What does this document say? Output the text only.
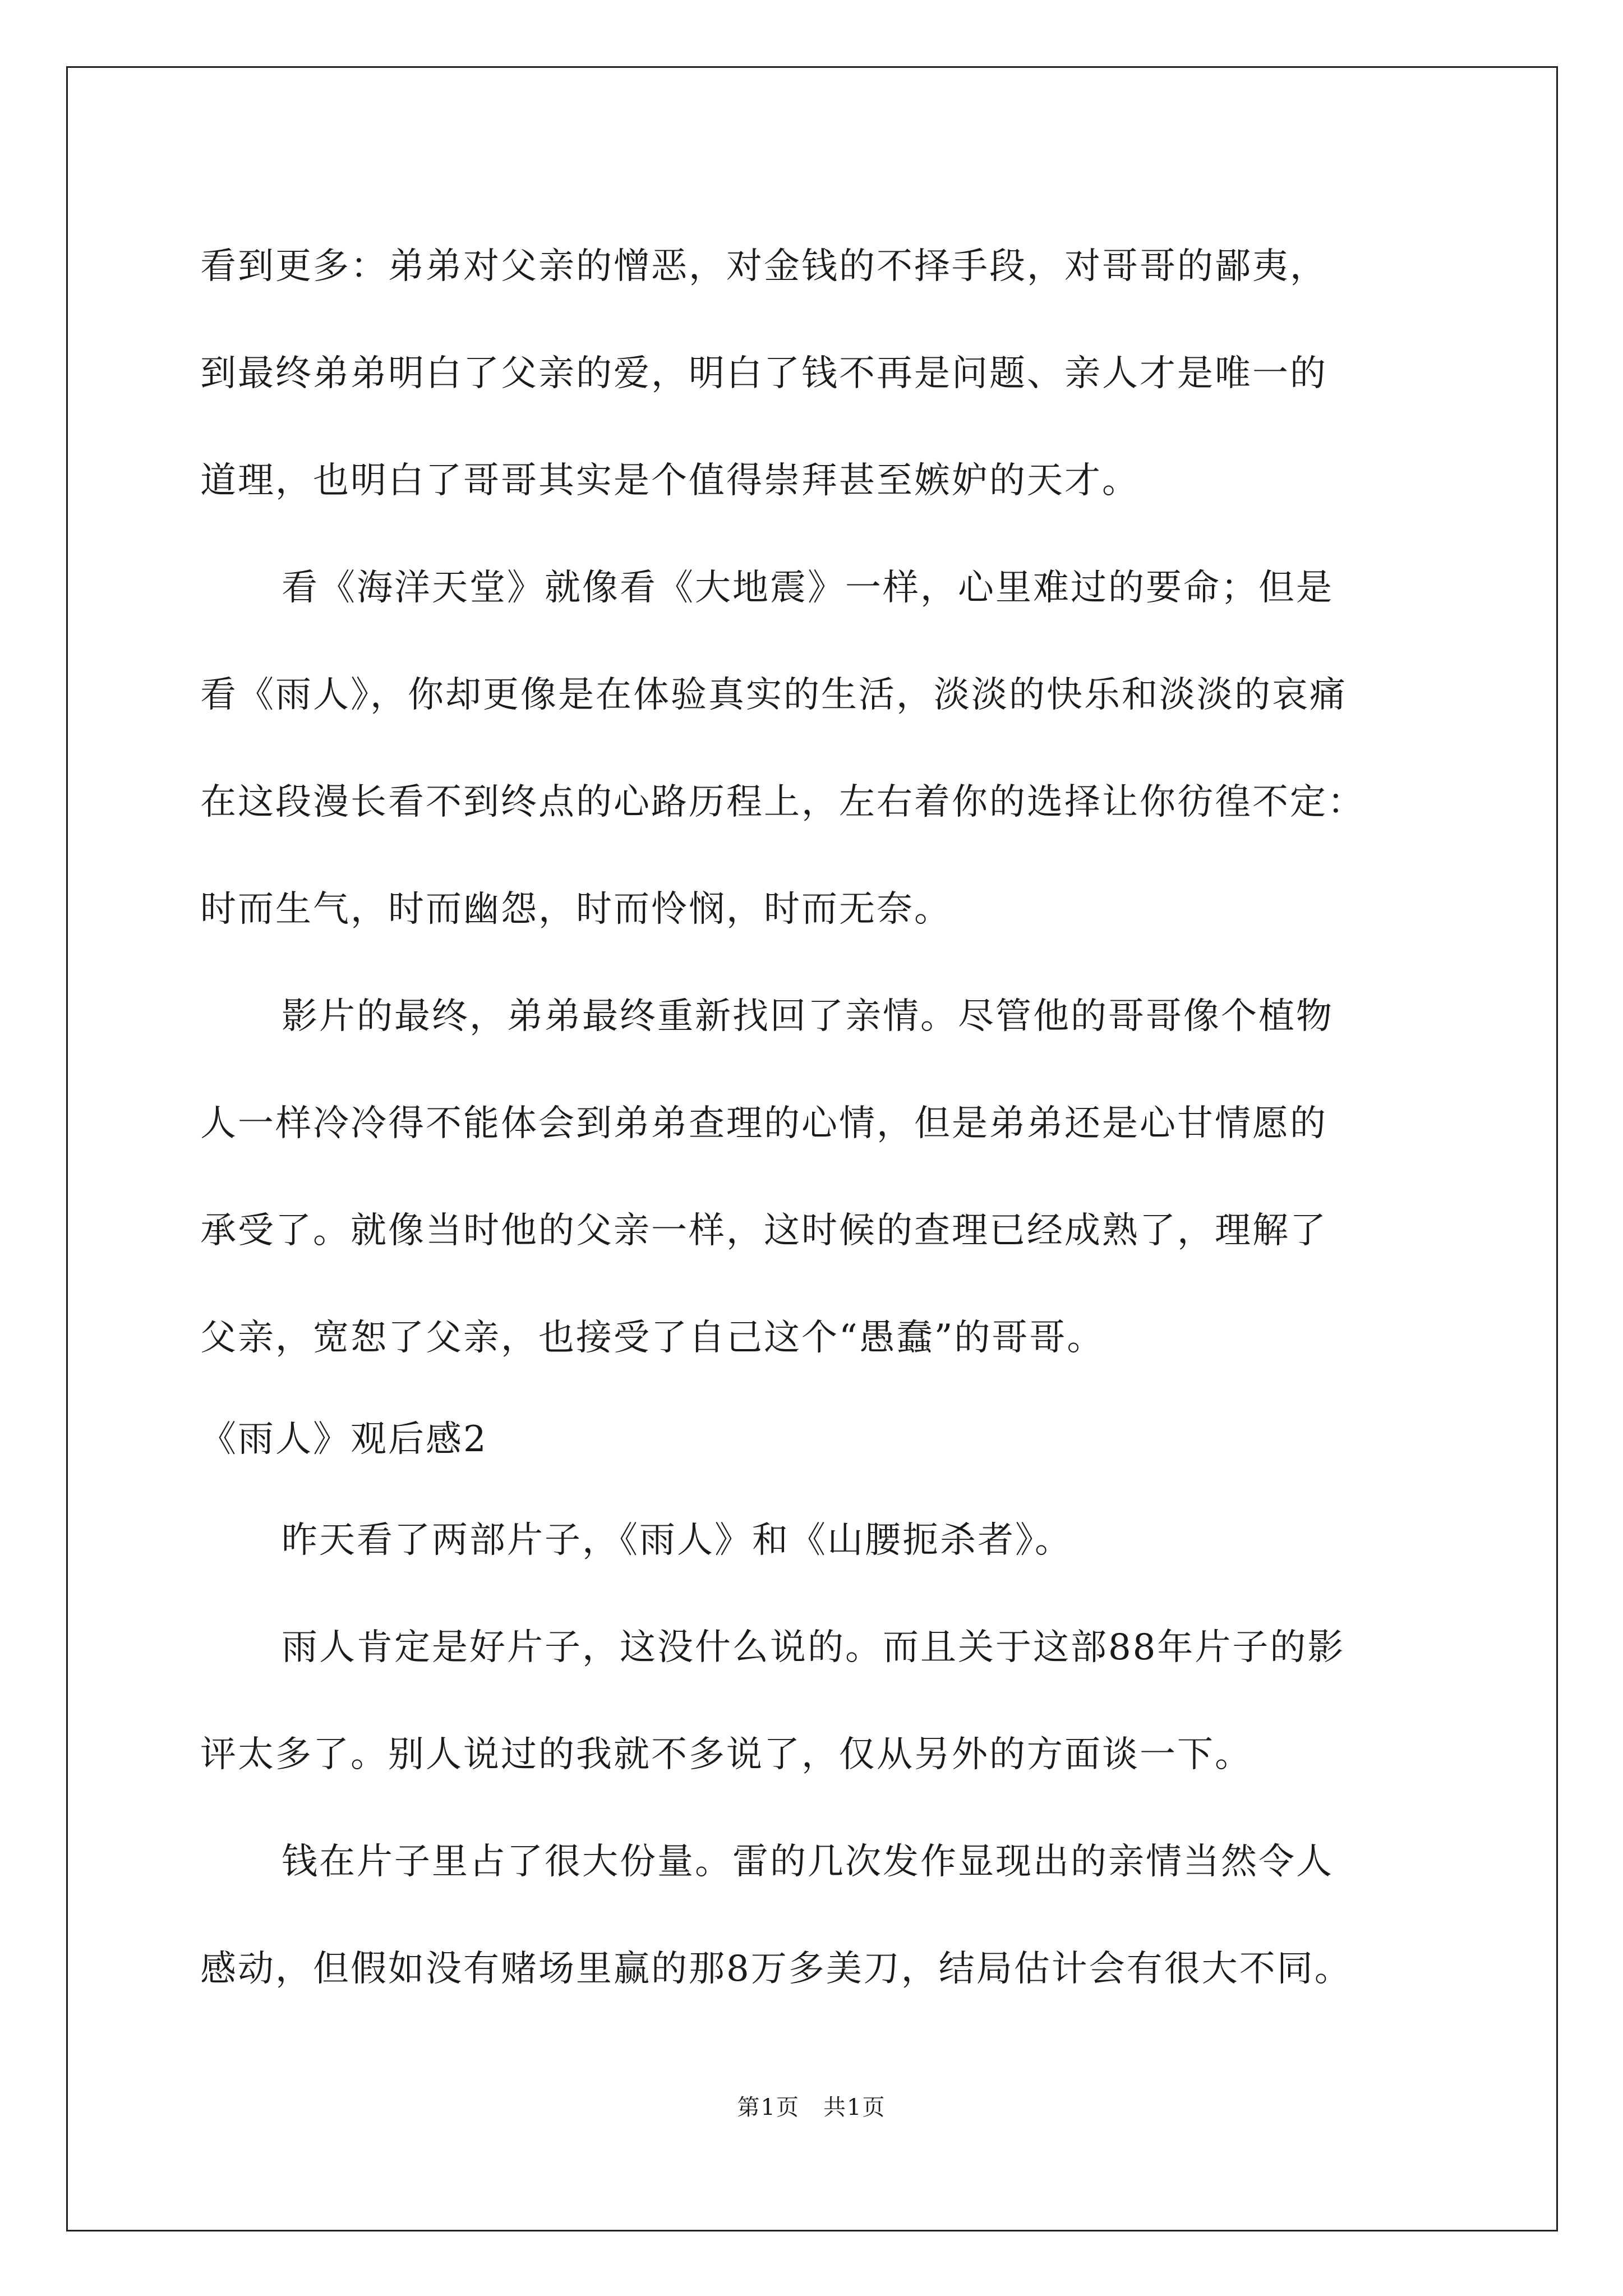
看到更多：弟弟对父亲的憎恶，对金钱的不择手段，对哥哥的鄙夷，
到最终弟弟明白了父亲的爱，明白了钱不再是问题、亲人才是唯一的
道理，也明白了哥哥其实是个值得崇拜甚至嫉妒的天才。
看《海洋天堂》就像看《大地震》一样，心里难过的要命；但是
看《雨人》，你却更像是在体验真实的生活，淡淡的快乐和淡淡的哀痛
在这段漫长看不到终点的心路历程上，左右着你的选择让你彷徨不定：
时而生气，时而幽怨，时而怜悯，时而无奈。
影片的最终，弟弟最终重新找回了亲情。尽管他的哥哥像个植物
人一样冷冷得不能体会到弟弟查理的心情，但是弟弟还是心甘情愿的
承受了。就像当时他的父亲一样，这时候的查理已经成熟了，理解了
父亲，宽恕了父亲，也接受了自己这个“愚蠢”的哥哥。
《雨人》观后感2
昨天看了两部片子，《雨人》和《山腰扼杀者》。
雨人肯定是好片子，这没什么说的。而且关于这部88年片子的影
评太多了。别人说过的我就不多说了，仅从另外的方面谈一下。
钱在片子里占了很大份量。雷的几次发作显现出的亲情当然令人
感动，但假如没有赌场里赢的那8万多美刀，结局估计会有很大不同。
第1页　共1页
